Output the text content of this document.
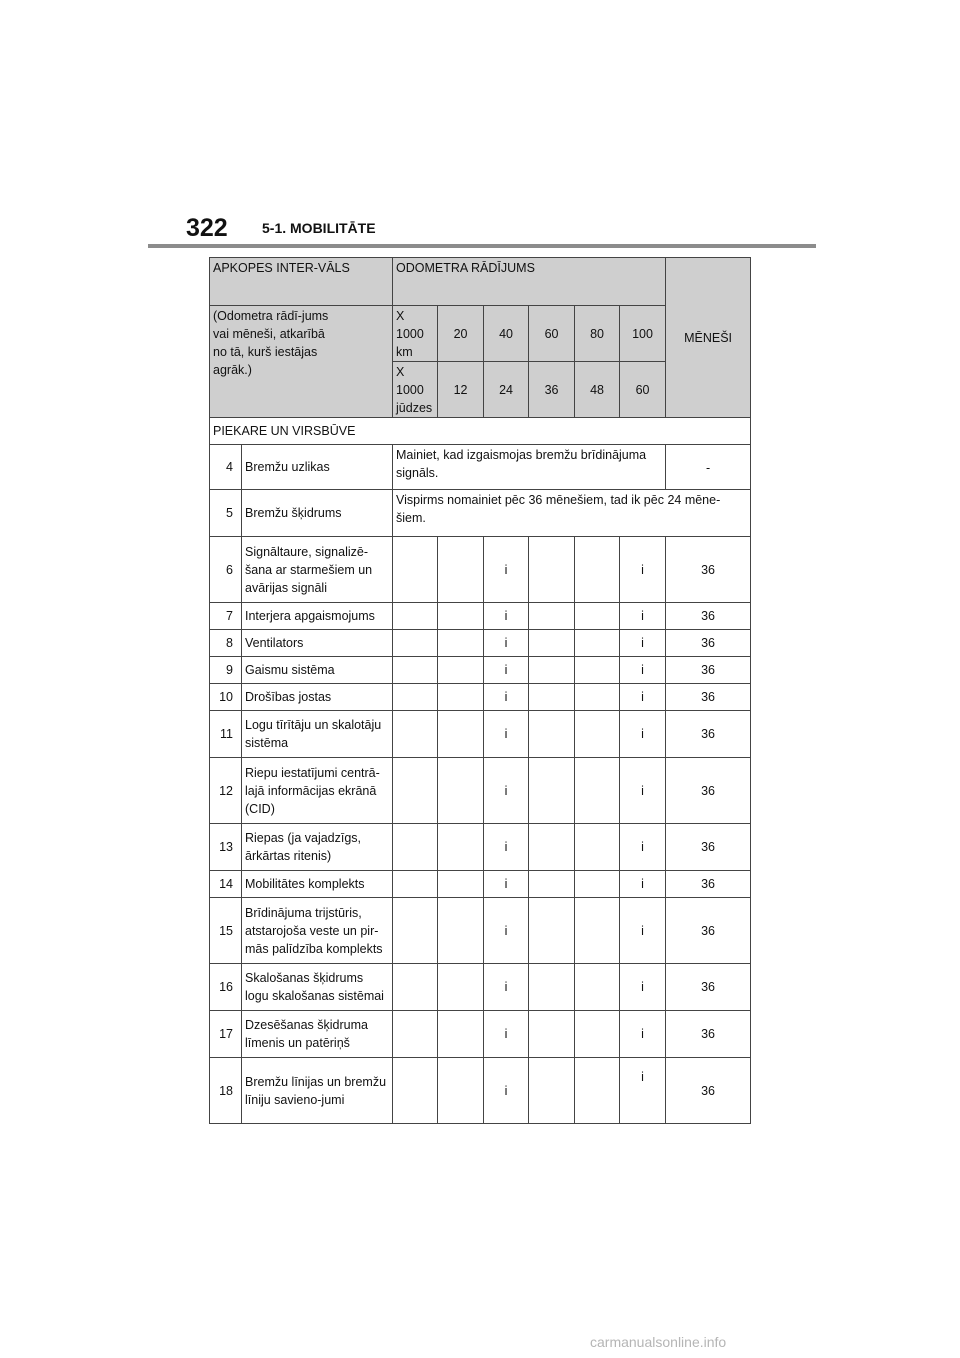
322 5-1. MOBILITĀTE
APKOPES INTER-VĀLS		ODOMETRA RĀDĪJUMS						MĒNEŠI

(Odometra rādī-jums vai mēneši, atkarībā no tā, kurš iestājas agrāk.)		X 1000 km	20	40	60	80	100	
		X 1000 jūdzes	12	24	36	48	60	
PIEKARE UN VIRSBŪVE								
4	Bremžu uzlikas	Mainiet, kad izgaismojas bremžu brīdinājuma signāls.						-
5	Bremžu šķidrums	Vispirms nomainiet pēc 36 mēnešiem, tad ik pēc 24 mēne-šiem.						
6	Signāltaure, signalizē-šana ar starmešiem un avārijas signāli			i			i	36
7	Interjera apgaismojums			i			i	36
8	Ventilators			i			i	36
9	Gaismu sistēma			i			i	36
10	Drošības jostas			i			i	36
11	Logu tīrītāju un skalotāju sistēma			i			i	36
12	Riepu iestatījumi centrā-lajā informācijas ekrānā (CID)			i			i	36
13	Riepas (ja vajadzīgs, ārkārtas ritenis)			i			i	36
14	Mobilitātes komplekts			i			i	36
15	Brīdinājuma trijstūris, atstarojoša veste un pir-mās palīdzība komplekts			i			i	36
16	Skalošanas šķidrums logu skalošanas sistēmai			i			i	36
17	Dzesēšanas šķidruma līmenis un patēriņš			i			i	36
18	Bremžu līnijas un bremžu līniju savieno-jumi			i			i	36
carmanualsonline.info
